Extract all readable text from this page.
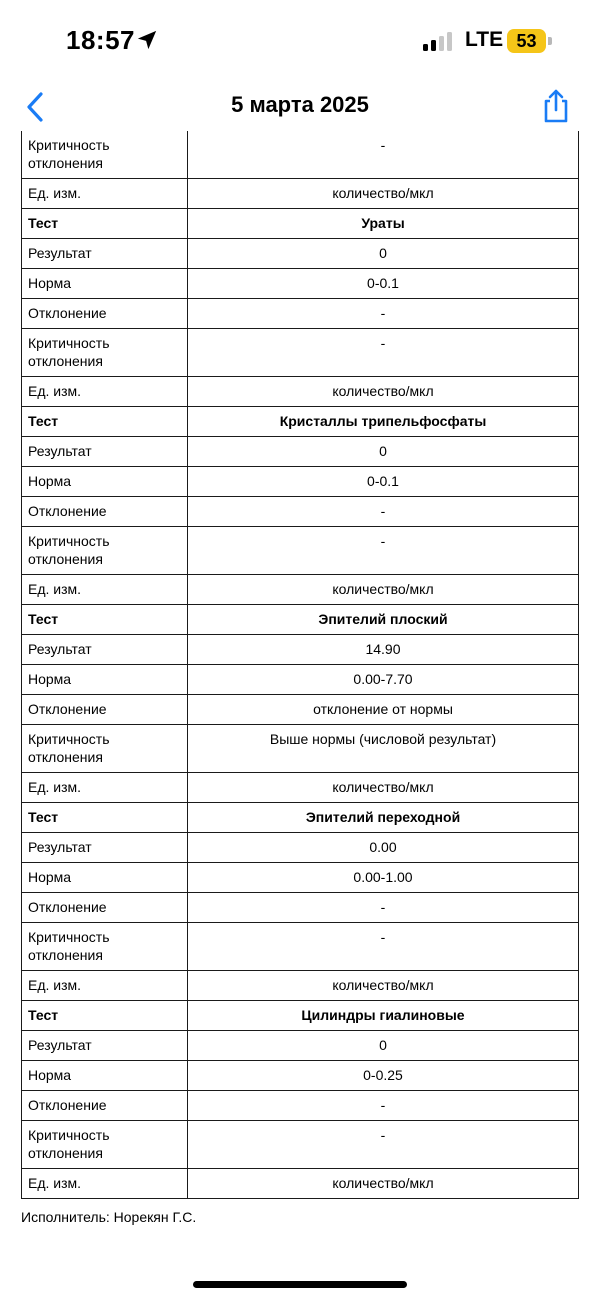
18:57	LTE 53
5 марта 2025
Критичность отклонения	-
Ед. изм.	количество/мкл
Тест	Ураты
Результат	0
Норма	0-0.1
Отклонение	-
Критичность отклонения	-
Ед. изм.	количество/мкл
Тест	Кристаллы трипельфосфаты
Результат	0
Норма	0-0.1
Отклонение	-
Критичность отклонения	-
Ед. изм.	количество/мкл
Тест	Эпителий плоский
Результат	14.90
Норма	0.00-7.70
Отклонение	отклонение от нормы
Критичность отклонения	Выше нормы (числовой результат)
Ед. изм.	количество/мкл
Тест	Эпителий переходной
Результат	0.00
Норма	0.00-1.00
Отклонение	-
Критичность отклонения	-
Ед. изм.	количество/мкл
Тест	Цилиндры гиалиновые
Результат	0
Норма	0-0.25
Отклонение	-
Критичность отклонения	-
Ед. изм.	количество/мкл
Исполнитель: Норекян Г.С.
